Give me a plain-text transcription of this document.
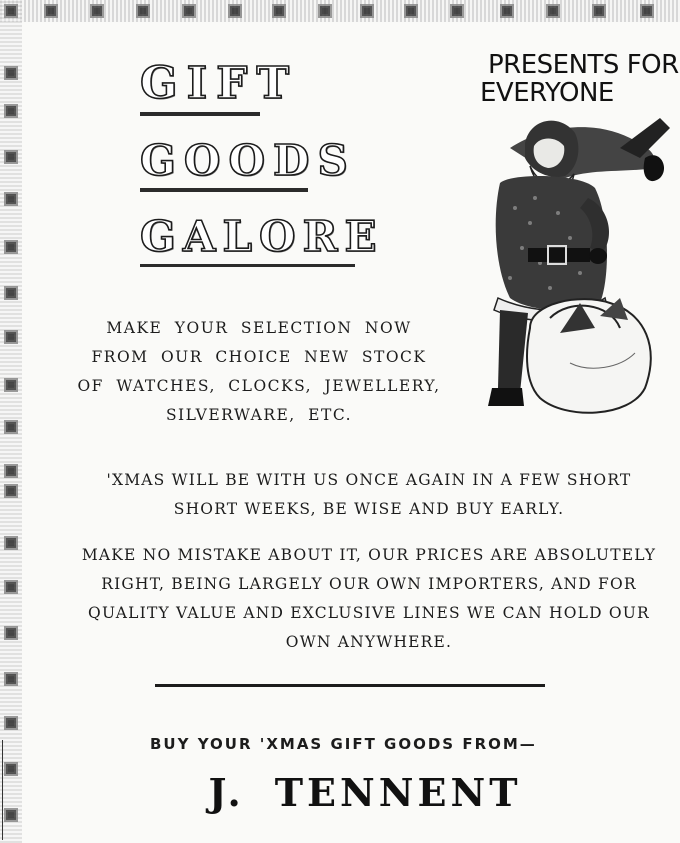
GIFT
GOODS
GALORE
PRESENTS FOR
EVERYONE

MAKE YOUR SELECTION NOW FROM OUR CHOICE NEW STOCK OF WATCHES, CLOCKS, JEWELLERY, SILVERWARE, ETC.

'XMAS WILL BE WITH US ONCE AGAIN IN A FEW SHORT SHORT WEEKS, BE WISE AND BUY EARLY.

MAKE NO MISTAKE ABOUT IT, OUR PRICES ARE ABSOLUTELY RIGHT, BEING LARGELY OUR OWN IMPORTERS, AND FOR QUALITY VALUE AND EXCLUSIVE LINES WE CAN HOLD OUR OWN ANYWHERE.

BUY YOUR 'XMAS GIFT GOODS FROM—
J. TENNENT
